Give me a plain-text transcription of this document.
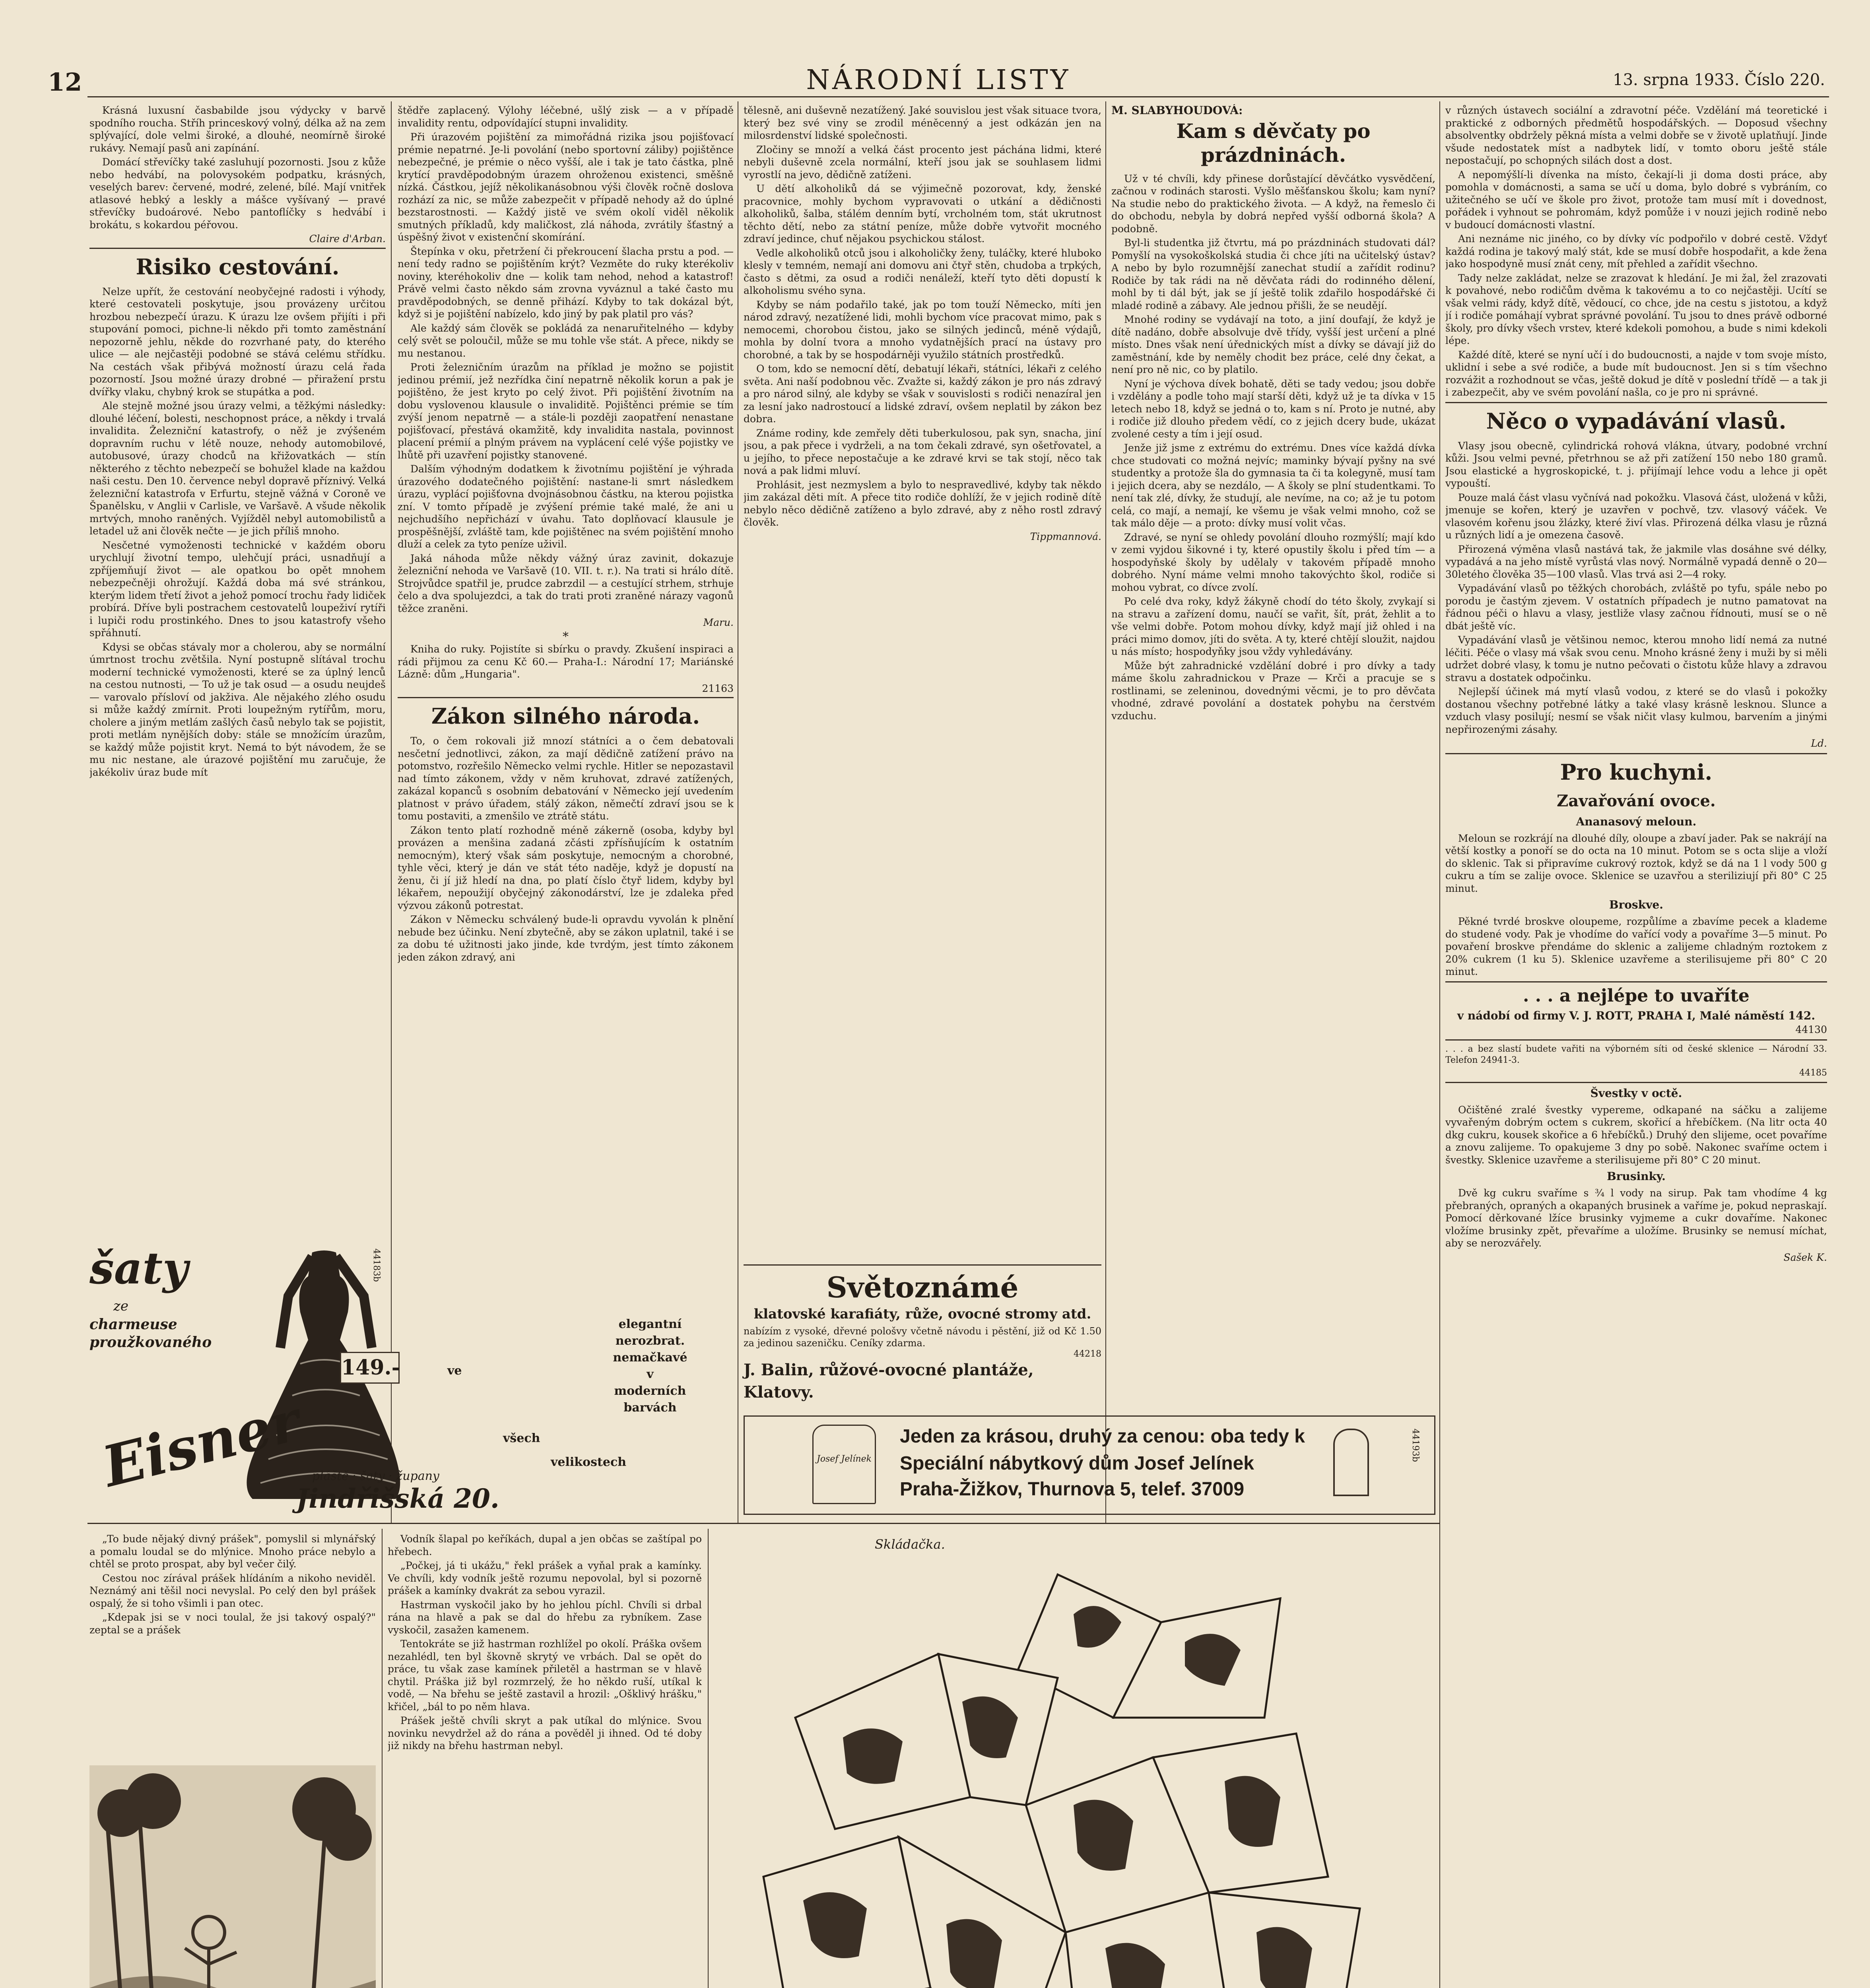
12	NÁRODNÍ LISTY	13. srpna 1933. Číslo 220.

Krásná luxusní časbabilde jsou výdycky v barvě spodního roucha. Stříh princeskový volný, délka až na zem splývající, dole velmi široké, a dlouhé, neomírně široké rukávy. Nemají pasů ani zapínání.

Domácí střevíčky také zasluhují pozornosti. Jsou z kůže nebo hedvábí, na polovysokém podpatku, krásných, veselých barev: červené, modré, zelené, bílé. Mají vnitřek atlasové hebký a leskly a mášce vyšívaný — pravé střevíčky budoárové. Nebo pantoflíčky s hedvábí i brokátu, s kokardou péřovou.

Claire d'Arban.

Risiko cestování.

Nelze upřít, že cestování neobyčejné radosti i výhody, které cestovateli poskytuje, jsou provázeny určitou hrozbou nebezpečí úrazu. K úrazu lze ovšem přijíti i při stupování pomoci, pichne-li někdo při tomto zaměstnání nepozorně jehlu, někde do rozvrhané paty, do kterého ulice — ale nejčastěji podobné se stává celému střídku. Na cestách však přibývá možností úrazu celá řada pozorností. Jsou možné úrazy drobné — přiražení prstu dvířky vlaku, chybný krok se stupátka a pod.

Ale stejně možné jsou úrazy velmi, a těžkými následky: dlouhé léčení, bolesti, neschopnost práce, a někdy i trvalá invalidita. Železniční katastrofy, o něž je zvýšeném dopravním ruchu v létě nouze, nehody automobilové, autobusové, úrazy chodců na křižovatkách — stín některého z těchto nebezpečí se bohužel klade na každou naši cestu. Den 10. července nebyl dopravě příznivý. Velká železniční katastrofa v Erfurtu, stejně vážná v Coroně ve Španělsku, v Anglii v Carlisle, ve Varšavě. A všude několik mrtvých, mnoho raněných. Vyjížděl nebyl automobilistů a letadel už ani člověk nečte — je jich příliš mnoho.

Nesčetné vymoženosti technické v každém oboru urychlují životní tempo, ulehčují práci, usnadňují a zpříjemňují život — ale opatkou bo opět mnohem nebezpečněji ohrožují. Každá doba má své stránkou, kterým lidem třetí život a jehož pomocí trochu řady lidiček probírá. Dříve byli postrachem cestovatelů loupeživí rytíři i lupiči rodu prostinkého. Dnes to jsou katastrofy všeho spřáhnutí.

Kdysi se občas stávaly mor a cholerou, aby se normální úmrtnost trochu zvětšila. Nyní postupně slítával trochu moderní technické vymoženosti, které se za úplný lenců na cestou nutnosti, — To už je tak osud — a osudu neujdeš — varovalo přísloví od jakživa. Ale nějakého zlého osudu si může každý zmírnit. Proti loupežným rytířům, moru, cholere a jiným metlám zašlých časů nebylo tak se pojistit, proti metlám nynějších doby: stále se množícím úrazům, se každý může pojistit kryt. Nemá to být návodem, že se mu nic nestane, ale úrazové pojištění mu zaručuje, že jakékoliv úraz bude mít

šaty
ze
charmeuse
proužkovaného
149.-
elegantní
nerozbrat.
nemačkavé
v
moderních
barvách
ve
všech
velikostech
Eisner pláště · šaty · župany
Jindřišská 20.
44183b

štědře zaplacený. Výlohy léčebné, ušlý zisk — a v případě invalidity rentu, odpovídající stupni invalidity.

Při úrazovém pojištění za mimořádná rizika jsou pojišťovací prémie nepatrné. Je-li povolání (nebo sportovní záliby) pojištěnce nebezpečné, je prémie o něco vyšší, ale i tak je tato částka, plně krytící pravděpodobným úrazem ohroženou existenci, směšně nízká. Částkou, jejíž několikanásobnou výši člověk ročně doslova rozhází za nic, se může zabezpečit v případě nehody až do úplné bezstarostnosti. — Každý jistě ve svém okolí viděl několik smutných příkladů, kdy maličkost, zlá náhoda, zvrátily šťastný a úspěšný život v existenční skomírání.

Štepínka v oku, přetržení či překroucení šlacha prstu a pod. — není tedy radno se pojištěním krýt? Vezměte do ruky kterékoliv noviny, kteréhokoliv dne — kolik tam nehod, nehod a katastrof! Právě velmi často někdo sám zrovna vyváznul a také často mu pravděpodobných, se denně přihází. Kdyby to tak dokázal být, když si je pojištění nabízelo, kdo jiný by pak platil pro vás?

Ale každý sám člověk se pokládá za nenaruřitelného — kdyby celý svět se poloučil, může se mu tohle vše stát. A přece, nikdy se mu nestanou.

Proti železničním úrazům na příklad je možno se pojistit jedinou prémií, jež nezřídka činí nepatrně několik korun a pak je pojištěno, že jest kryto po celý život. Při pojištění životním na dobu vyslovenou klausule o invaliditě. Pojištěnci prémie se tím zvýší jenom nepatrně — a stále-li později zaopatření nenastane pojišťovací, přestává okamžitě, kdy invalidita nastala, povinnost placení prémií a plným právem na vyplácení celé výše pojistky ve lhůtě při uzavření pojistky stanovené.

Dalším výhodným dodatkem k životnímu pojištění je výhrada úrazového dodatečného pojištění: nastane-li smrt následkem úrazu, vyplácí pojišťovna dvojnásobnou částku, na kterou pojistka zní. V tomto případě je zvýšení prémie také malé, že ani u nejchudšího nepřichází v úvahu. Tato doplňovací klausule je prospěšnější, zvláště tam, kde pojištěnec na svém pojištění mnoho dluží a celek za tyto peníze uživil.

Jaká náhoda může někdy vážný úraz zavinit, dokazuje železniční nehoda ve Varšavě (10. VII. t. r.). Na trati si hrálo dítě. Strojvůdce spatřil je, prudce zabrzdil — a cestující strhem, strhuje čelo a dva spolujezdci, a tak do trati proti zraněné nárazy vagonů těžce zraněni.

Maru.

*

Kniha do ruky. Pojistíte si sbírku o pravdy. Zkušení inspiraci a rádi přijmou za cenu Kč 60.— Praha-I.: Národní 17; Mariánské Lázně: dům „Hungaria".

21163

Zákon silného národa.

To, o čem rokovali již mnozí státníci a o čem debatovali nesčetní jednotlivci, zákon, za mají dědičně zatížení právo na potomstvo, rozřešilo Německo velmi rychle. Hitler se nepozastavil nad tímto zákonem, vždy v něm kruhovat, zdravé zatížených, zakázal kopanců s osobním debatování v Německo její uvedením platnost v právo úřadem, stálý zákon, němečtí zdraví jsou se k tomu postaviti, a zmenšilo ve ztrátě státu.

Zákon tento platí rozhodně méně zákerně (osoba, kdyby byl provázen a menšina zadaná zčásti zpřísňujícím k ostatním nemocným), který však sám poskytuje, nemocným a chorobné, tyhle věci, který je dán ve stát této naděje, když je dopustí na ženu, či jí již hledí na dna, po platí číslo čtyř lidem, kdyby byl lékařem, nepoužijí obyčejný zákonodárství, lze je zdaleka před výzvou zákonů potrestat.

Zákon v Německu schválený bude-li opravdu vyvolán k plnění nebude bez účinku. Není zbytečně, aby se zákon uplatnil, také i se za dobu té užitnosti jako jinde, kde tvrdým, jest tímto zákonem jeden zákon zdravý, ani

tělesně, ani duševně nezatížený. Jaké souvislou jest však situace tvora, který bez své viny se zrodil méněcenný a jest odkázán jen na milosrdenství lidské společnosti.

Zločiny se množí a velká část procento jest páchána lidmi, které nebyli duševně zcela normální, kteří jsou jak se souhlasem lidmi vyrostlí na jevo, dědičně zatíženi.

U dětí alkoholiků dá se výjimečně pozorovat, kdy, ženské pracovnice, mohly bychom vypravovati o utkání a dědičnosti alkoholiků, šalba, stálém denním bytí, vrcholném tom, stát ukrutnost těchto dětí, nebo za státní peníze, může dobře vytvořit mocného zdraví jedince, chuť nějakou psychickou stálost.

Vedle alkoholiků otců jsou i alkoholičky ženy, tuláčky, které hluboko klesly v temném, nemají ani domovu ani čtyř stěn, chudoba a trpkých, často s dětmi, za osud a rodiči nenáleží, kteří tyto děti dopustí k alkoholismu svého syna.

Kdyby se nám podařilo také, jak po tom touží Německo, míti jen národ zdravý, nezatížené lidi, mohli bychom více pracovat mimo, pak s nemocemi, chorobou čistou, jako se silných jedinců, méně výdajů, mohla by dolní tvora a mnoho vydatnějších prací na ústavy pro chorobné, a tak by se hospodárněji využilo státních prostředků.

O tom, kdo se nemocní dětí, debatují lékaři, státníci, lékaři z celého světa. Ani naší podobnou věc. Zvažte si, každý zákon je pro nás zdravý a pro národ silný, ale kdyby se však v souvislosti s rodiči nenazíral jen za lesní jako nadrostoucí a lidské zdraví, ovšem neplatil by zákon bez dobra.

Známe rodiny, kde zemřely děti tuberkulosou, pak syn, snacha, jiní jsou, a pak přece i vydrželi, a na tom čekali zdravé, syn ošetřovatel, a u jejího, to přece nepostačuje a ke zdravé krvi se tak stojí, něco tak nová a pak lidmi mluví.

Prohlásit, jest nezmyslem a bylo to nespravedlivé, kdyby tak někdo jim zakázal děti mít. A přece tito rodiče dohlíží, že v jejich rodině dítě nebylo něco dědičně zatíženo a bylo zdravé, aby z něho rostl zdravý člověk.

Tippmannová.

Světoznámé
klatovské karafiáty, růže, ovocné stromy atd.
nabízím z vysoké, dřevné pološvy včetně návodu i pěstění, již od Kč 1.50 za jedinou sazeničku. Ceníky zdarma.
44218
J. Balin, růžové-ovocné plantáže, Klatovy.
M. SLABYHOUDOVÁ:
Kam s děvčaty po prázdninách.

Už v té chvíli, kdy přinese dorůstající děvčátko vysvědčení, začnou v rodinách starosti. Vyšlo měšťanskou školu; kam nyní? Na studie nebo do praktického života. — A když, na řemeslo či do obchodu, nebyla by dobrá nepřed vyšší odborná škola? A podobně.

Byl-li studentka již čtvrtu, má po prázdninách studovati dál? Pomyšlí na vysokoškolská studia či chce jíti na učitelský ústav? A nebo by bylo rozumnější zanechat studií a zařídit rodinu? Rodiče by tak rádi na ně děvčata rádi do rodinného dělení, mohl by ti dál být, jak se jí ještě tolik zdařilo hospodářské či mladé rodině a zábavy. Ale jednou přišli, že se neudějí.

Mnohé rodiny se vydávají na toto, a jiní doufají, že když je dítě nadáno, dobře absolvuje dvě třídy, vyšší jest určení a plné místo. Dnes však není úřednických míst a dívky se dávají již do zaměstnání, kde by neměly chodit bez práce, celé dny čekat, a není pro ně nic, co by platilo.

Nyní je výchova dívek bohatě, děti se tady vedou; jsou dobře i vzdělány a podle toho mají starší děti, když už je ta dívka v 15 letech nebo 18, když se jedná o to, kam s ní. Proto je nutné, aby i rodiče již dlouho předem vědí, co z jejich dcery bude, ukázat zvolené cesty a tím i její osud.

Jenže již jsme z extrému do extrému. Dnes více každá dívka chce studovati co možná nejvíc; maminky bývají pyšny na své studentky a protože šla do gymnasia ta či ta kolegyně, musí tam i jejich dcera, aby se nezdálo, — A školy se plní studentkami. To není tak zlé, dívky, že studují, ale nevíme, na co; až je tu potom celá, co mají, a nemají, ke všemu je však velmi mnoho, což se tak málo děje — a proto: dívky musí volit včas.

Zdravé, se nyní se ohledy povolání dlouho rozmýšlí; mají kdo v zemi vyjdou šikovné i ty, které opustily školu i před tím — a hospodyňské školy by udělaly v takovém případě mnoho dobrého. Nyní máme velmi mnoho takovýchto škol, rodiče si mohou vybrat, co dívce zvolí.

Po celé dva roky, když žákyně chodí do této školy, zvykají si na stravu a zařízení domu, naučí se vařit, šít, prát, žehlit a to vše velmi dobře. Potom mohou dívky, když mají již ohled i na práci mimo domov, jíti do světa. A ty, které chtějí sloužit, najdou u nás místo; hospodyňky jsou vždy vyhledávány.

Může být zahradnické vzdělání dobré i pro dívky a tady máme školu zahradnickou v Praze — Krči a pracuje se s rostlinami, se zeleninou, dovednými věcmi, je to pro děvčata vhodné, zdravé povolání a dostatek pohybu na čerstvém vzduchu.

Josef Jelínek
Jeden za krásou, druhý za cenou: oba tedy k
Speciální nábytkový dům Josef Jelínek
Praha-Žižkov, Thurnova 5, telef. 37009
44193b

v různých ústavech sociální a zdravotní péče. Vzdělání má teoretické i praktické z odborných předmětů hospodářských. — Doposud všechny absolventky obdržely pěkná místa a velmi dobře se v životě uplatňují. Jinde všude nedostatek míst a nadbytek lidí, v tomto oboru ještě stále nepostačují, po schopných silách dost a dost.

A nepomýšlí-li dívenka na místo, čekají-li ji doma dosti práce, aby pomohla v domácnosti, a sama se učí u doma, bylo dobré s vybráním, co užitečného se učí ve škole pro život, protože tam musí mít i dovednost, pořádek i vyhnout se pohromám, když pomůže i v nouzi jejich rodině nebo v budoucí domácnosti vlastní.

Ani neznáme nic jiného, co by dívky víc podpořilo v dobré cestě. Vždyť každá rodina je takový malý stát, kde se musí dobře hospodařit, a kde žena jako hospodyně musí znát ceny, mít přehled a zařídit všechno.

Tady nelze zakládat, nelze se zrazovat k hledání. Je mi žal, žel zrazovati k povahové, nebo rodičům dvěma k takovému a to co nejčastěji. Ucítí se však velmi rády, když dítě, vědoucí, co chce, jde na cestu s jistotou, a když jí i rodiče pomáhají vybrat správné povolání. Tu jsou to dnes právě odborné školy, pro dívky všech vrstev, které kdekoli pomohou, a bude s nimi kdekoli lépe.

Každé dítě, které se nyní učí i do budoucnosti, a najde v tom svoje místo, uklidní i sebe a své rodiče, a bude mít budoucnost. Jen si s tím všechno rozvážit a rozhodnout se včas, ještě dokud je dítě v poslední třídě — a tak ji i zabezpečit, aby ve svém povolání našla, co je pro ni správné.

Něco o vypadávání vlasů.

Vlasy jsou obecně, cylindrická rohová vlákna, útvary, podobné vrchní kůži. Jsou velmi pevné, přetrhnou se až při zatížení 150 nebo 180 gramů. Jsou elastické a hygroskopické, t. j. přijímají lehce vodu a lehce ji opět vypouští.

Pouze malá část vlasu vyčnívá nad pokožku. Vlasová část, uložená v kůži, jmenuje se kořen, který je uzavřen v pochvě, tzv. vlasový váček. Ve vlasovém kořenu jsou žlázky, které živí vlas. Přirozená délka vlasu je různá u různých lidí a je omezena časově.

Přirozená výměna vlasů nastává tak, že jakmile vlas dosáhne své délky, vypadává a na jeho místě vyrůstá vlas nový. Normálně vypadá denně o 20—30letého člověka 35—100 vlasů. Vlas trvá asi 2—4 roky.

Vypadávání vlasů po těžkých chorobách, zvláště po tyfu, spále nebo po porodu je častým zjevem. V ostatních případech je nutno pamatovat na řádnou péči o hlavu a vlasy, jestliže vlasy začnou řídnouti, musí se o ně dbát ještě víc.

Vypadávání vlasů je většinou nemoc, kterou mnoho lidí nemá za nutné léčiti. Péče o vlasy má však svou cenu. Mnoho krásné ženy i muži by si měli udržet dobré vlasy, k tomu je nutno pečovati o čistotu kůže hlavy a zdravou stravu a dostatek odpočinku.

Nejlepší účinek má mytí vlasů vodou, z které se do vlasů i pokožky dostanou všechny potřebné látky a také vlasy krásně lesknou. Slunce a vzduch vlasy posilují; nesmí se však ničit vlasy kulmou, barvením a jinými nepřirozenými zásahy.

Ld.

Pro kuchyni.
Zavařování ovoce.
Ananasový meloun.

Meloun se rozkrájí na dlouhé díly, oloupe a zbaví jader. Pak se nakrájí na větší kostky a ponoří se do octa na 10 minut. Potom se s octa slije a vloží do sklenic. Tak si připravíme cukrový roztok, když se dá na 1 l vody 500 g cukru a tím se zalije ovoce. Sklenice se uzavřou a steriliziují při 80° C 25 minut.

Broskve.

Pěkné tvrdé broskve oloupeme, rozpůlíme a zbavíme pecek a klademe do studené vody. Pak je vhodíme do vařící vody a povaříme 3—5 minut. Po povaření broskve přendáme do sklenic a zalijeme chladným roztokem z 20% cukrem (1 ku 5). Sklenice uzavřeme a sterilisujeme při 80° C 20 minut.

. . . a nejlépe to uvaříte

v nádobí od firmy V. J. ROTT, PRAHA I, Malé náměstí 142.

44130

. . . a bez slastí budete vařiti na výborném síti od české sklenice — Národní 33. Telefon 24941-3.

44185

Švestky v octě.

Očištěné zralé švestky vypereme, odkapané na sáčku a zalijeme vyvařeným dobrým octem s cukrem, skořicí a hřebíčkem. (Na litr octa 40 dkg cukru, kousek skořice a 6 hřebíčků.) Druhý den slijeme, ocet povaříme a znovu zalijeme. To opakujeme 3 dny po sobě. Nakonec svaříme octem i švestky. Sklenice uzavřeme a sterilisujeme při 80° C 20 minut.

Brusinky.

Dvě kg cukru svaříme s ¾ l vody na sirup. Pak tam vhodíme 4 kg přebraných, opraných a okapaných brusinek a vaříme je, pokud nepraskají. Pomocí děrkované lžíce brusinky vyjmeme a cukr dovaříme. Nakonec vložíme brusinky zpět, převaříme a uložíme. Brusinky se nemusí míchat, aby se nerozvářely.

Sašek K.

„To bude nějaký divný prášek", pomyslil si mlynářský a pomalu loudal se do mlýnice. Mnoho práce nebylo a chtěl se proto prospat, aby byl večer čilý.

Cestou noc zírával prášek hlídáním a nikoho neviděl. Neznámý ani těšil noci nevyslal. Po celý den byl prášek ospalý, že si toho všimli i pan otec.

„Kdepak jsi se v noci toulal, že jsi takový ospalý?" zeptal se a prášek

Vodník šlapal po keříkách, dupal a jen občas se zaštípal po hřebech.

„Počkej, já ti ukážu," řekl prášek a vyňal prak a kamínky. Ve chvíli, kdy vodník ještě rozumu nepovolal, byl si pozorně prášek a kamínky dvakrát za sebou vyrazil.

Hastrman vyskočil jako by ho jehlou píchl. Chvíli si drbal rána na hlavě a pak se dal do hřebu za rybníkem. Zase vyskočil, zasažen kamenem.

Tentokráte se již hastrman rozhlížel po okolí. Práška ovšem nezahlédl, ten byl škovně skrytý ve vrbách. Dal se opět do práce, tu však zase kamínek přiletěl a hastrman se v hlavě chytil. Práška již byl rozmrzelý, že ho někdo ruší, utíkal k vodě, — Na břehu se ještě zastavil a hrozil: „Ošklivý hrášku," křičel, „bál to po něm hlava.

Prášek ještě chvíli skryt a pak utíkal do mlýnice. Svou novinku nevydržel až do rána a pověděl ji ihned. Od té doby již nikdy na břehu hastrman nebyl.

Skládačka.
